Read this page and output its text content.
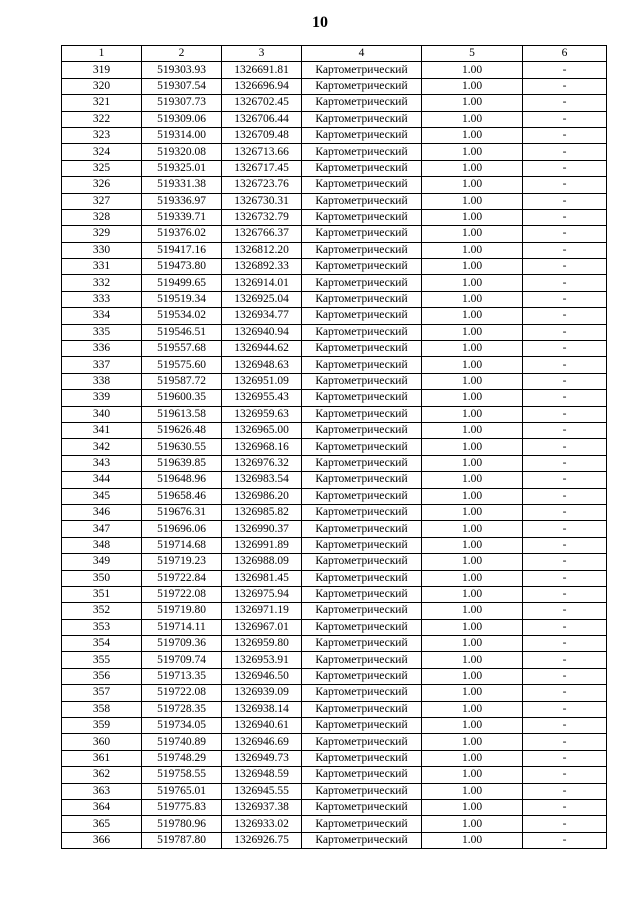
10
1	2	3	4	5	6
319	519303.93	1326691.81	Картометрический	1.00	-
320	519307.54	1326696.94	Картометрический	1.00	-
321	519307.73	1326702.45	Картометрический	1.00	-
322	519309.06	1326706.44	Картометрический	1.00	-
323	519314.00	1326709.48	Картометрический	1.00	-
324	519320.08	1326713.66	Картометрический	1.00	-
325	519325.01	1326717.45	Картометрический	1.00	-
326	519331.38	1326723.76	Картометрический	1.00	-
327	519336.97	1326730.31	Картометрический	1.00	-
328	519339.71	1326732.79	Картометрический	1.00	-
329	519376.02	1326766.37	Картометрический	1.00	-
330	519417.16	1326812.20	Картометрический	1.00	-
331	519473.80	1326892.33	Картометрический	1.00	-
332	519499.65	1326914.01	Картометрический	1.00	-
333	519519.34	1326925.04	Картометрический	1.00	-
334	519534.02	1326934.77	Картометрический	1.00	-
335	519546.51	1326940.94	Картометрический	1.00	-
336	519557.68	1326944.62	Картометрический	1.00	-
337	519575.60	1326948.63	Картометрический	1.00	-
338	519587.72	1326951.09	Картометрический	1.00	-
339	519600.35	1326955.43	Картометрический	1.00	-
340	519613.58	1326959.63	Картометрический	1.00	-
341	519626.48	1326965.00	Картометрический	1.00	-
342	519630.55	1326968.16	Картометрический	1.00	-
343	519639.85	1326976.32	Картометрический	1.00	-
344	519648.96	1326983.54	Картометрический	1.00	-
345	519658.46	1326986.20	Картометрический	1.00	-
346	519676.31	1326985.82	Картометрический	1.00	-
347	519696.06	1326990.37	Картометрический	1.00	-
348	519714.68	1326991.89	Картометрический	1.00	-
349	519719.23	1326988.09	Картометрический	1.00	-
350	519722.84	1326981.45	Картометрический	1.00	-
351	519722.08	1326975.94	Картометрический	1.00	-
352	519719.80	1326971.19	Картометрический	1.00	-
353	519714.11	1326967.01	Картометрический	1.00	-
354	519709.36	1326959.80	Картометрический	1.00	-
355	519709.74	1326953.91	Картометрический	1.00	-
356	519713.35	1326946.50	Картометрический	1.00	-
357	519722.08	1326939.09	Картометрический	1.00	-
358	519728.35	1326938.14	Картометрический	1.00	-
359	519734.05	1326940.61	Картометрический	1.00	-
360	519740.89	1326946.69	Картометрический	1.00	-
361	519748.29	1326949.73	Картометрический	1.00	-
362	519758.55	1326948.59	Картометрический	1.00	-
363	519765.01	1326945.55	Картометрический	1.00	-
364	519775.83	1326937.38	Картометрический	1.00	-
365	519780.96	1326933.02	Картометрический	1.00	-
366	519787.80	1326926.75	Картометрический	1.00	-
